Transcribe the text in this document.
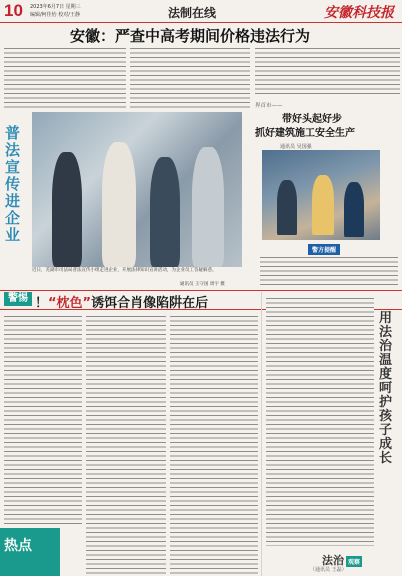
10 2023年6月7日 星期三
编辑/柯佳怡 校对/王静	法制在线	安徽科技报
安徽：严查中高考期间价格违法行为
普法宣传进企业
近日，芜湖市司法局普法宣传小组走进企业，开展法律知识宣讲活动，为企业员工答疑解惑。
通讯员 王守国 周宇 摄
界首市——
带好头起好步
抓好建筑施工安全生产
通讯员 吴国强
警方提醒
警惕 ！“枕色”诱饵合肖像陷阱在后
热点
用法治温度呵护孩子成长
法治 观察
（通讯员 王磊）
